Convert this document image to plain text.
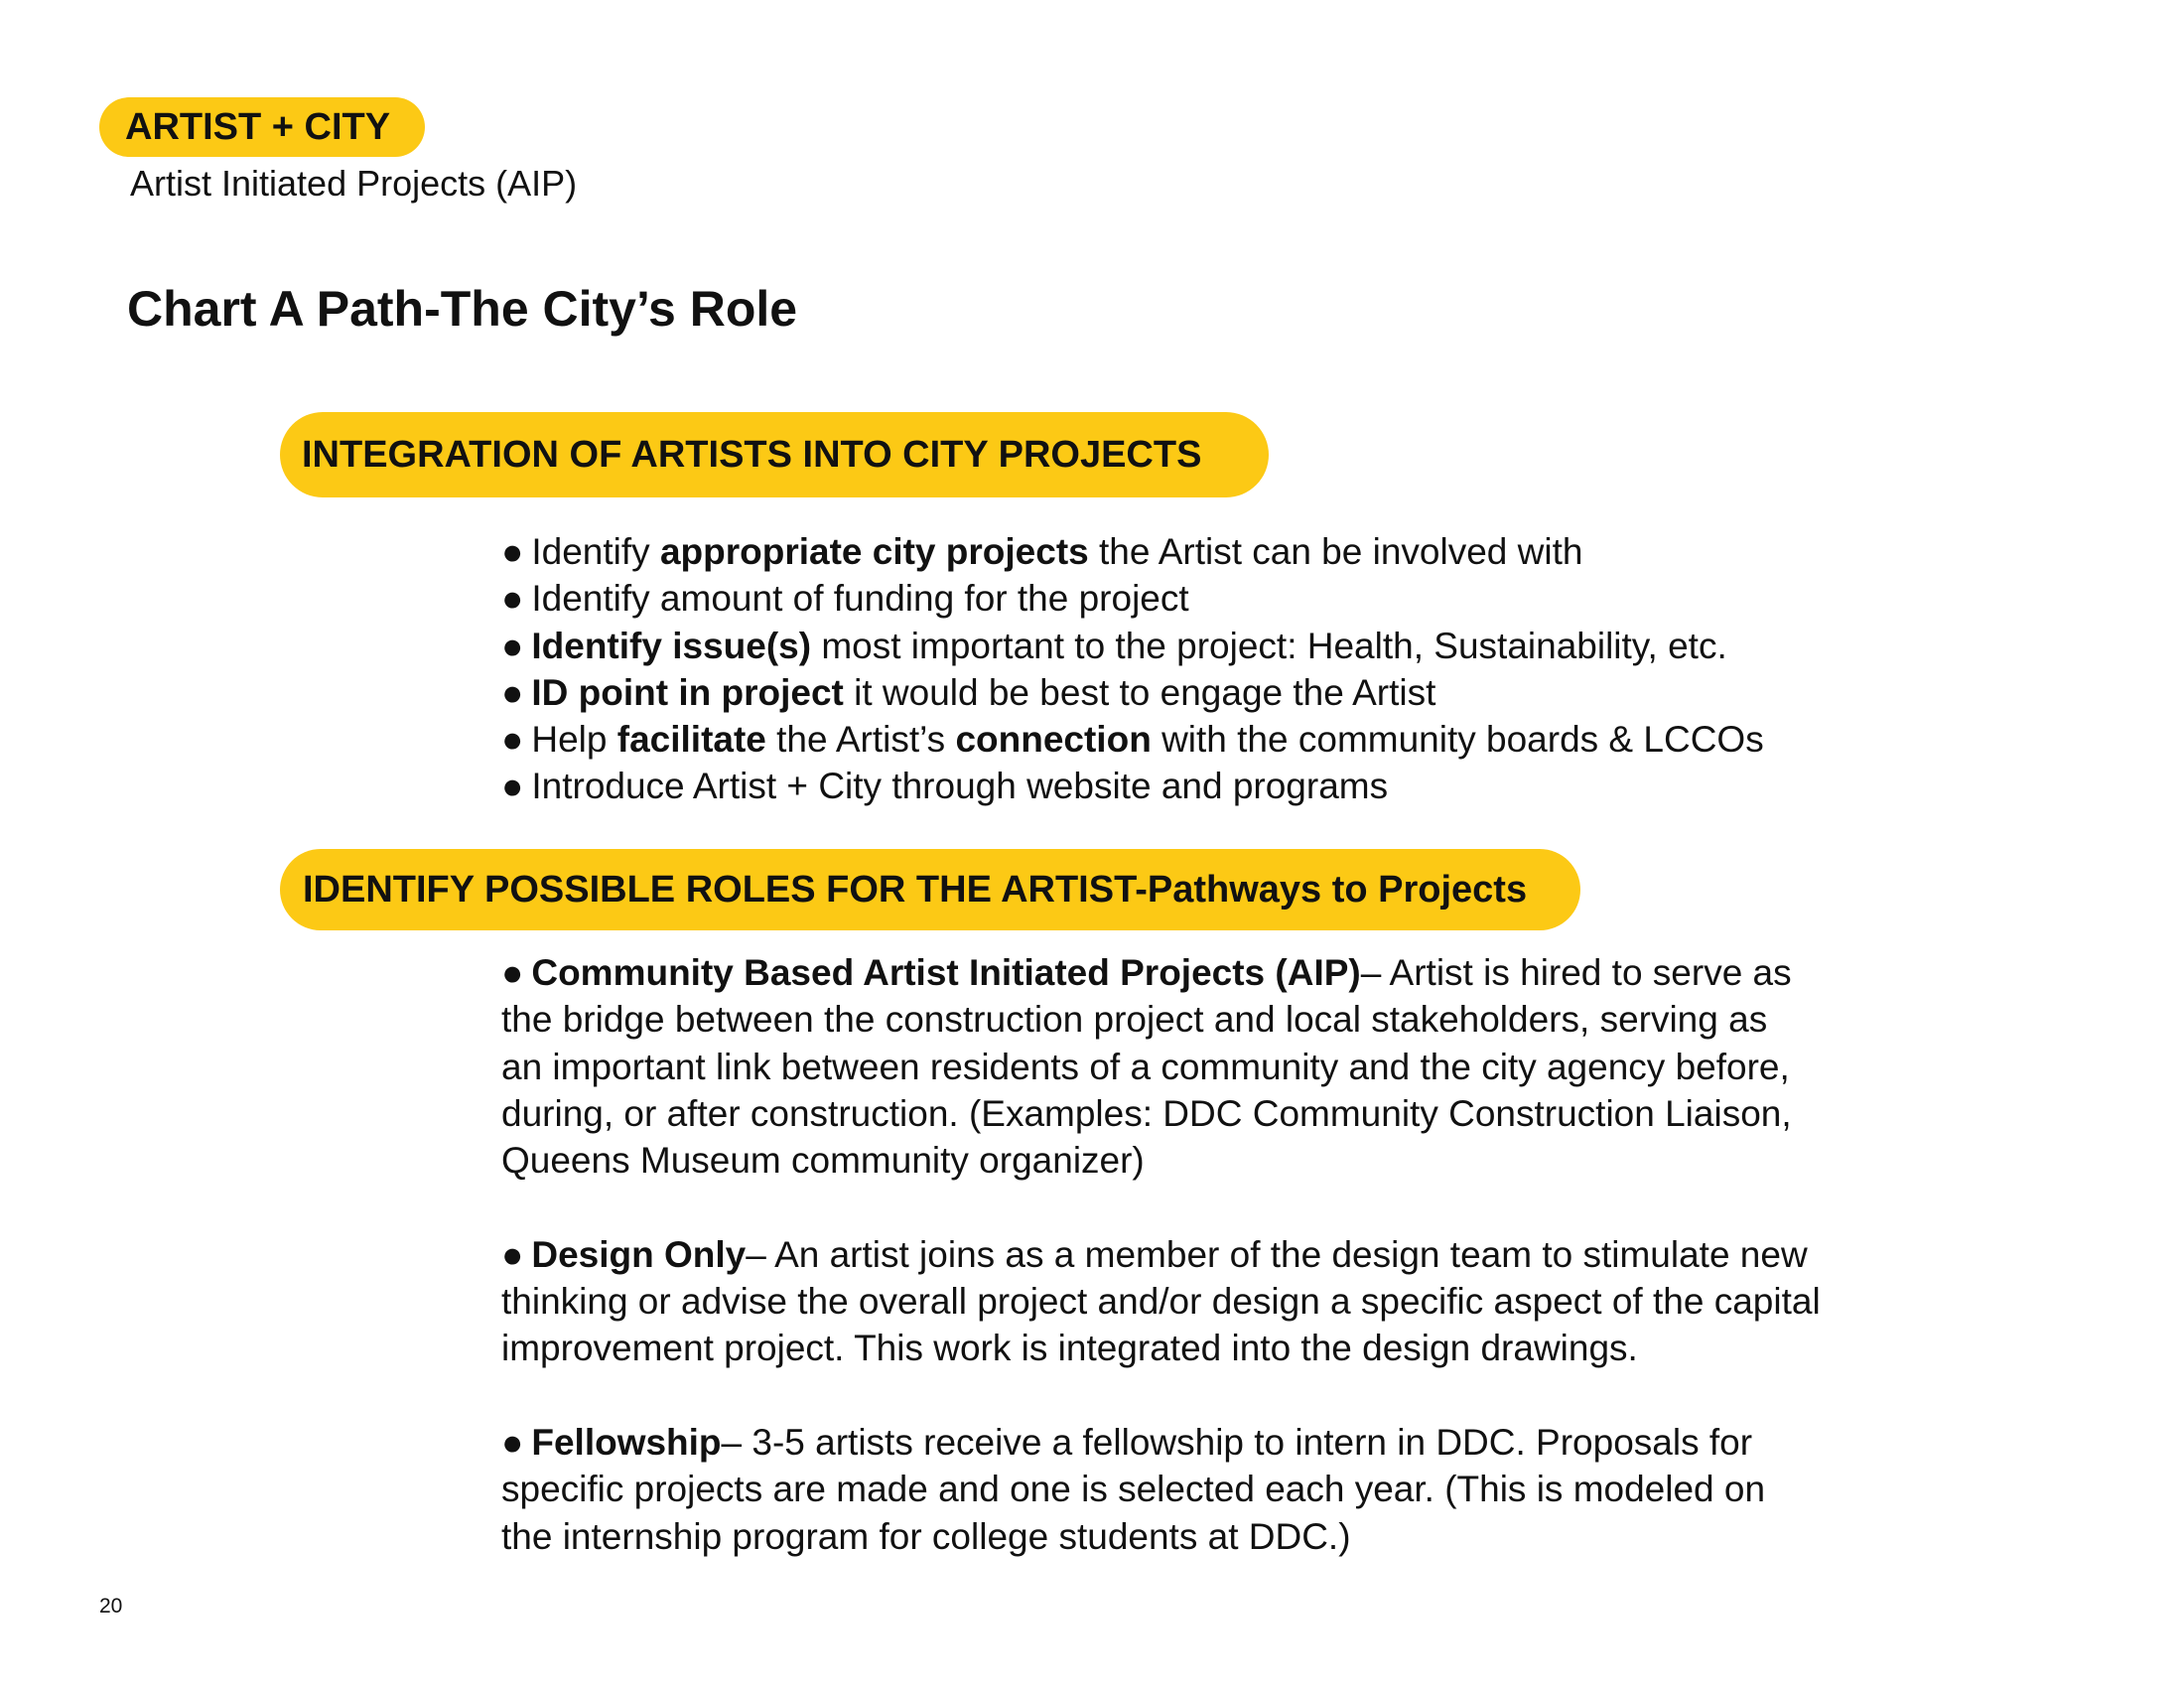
ARTIST + CITY
Artist Initiated Projects (AIP)
Chart A Path-The City’s Role
INTEGRATION OF ARTISTS INTO CITY PROJECTS
● Identify appropriate city projects the Artist can be involved with
● Identify amount of funding for the project
● Identify issue(s) most important to the project: Health, Sustainability, etc.
● ID point in project it would be best to engage the Artist
● Help facilitate the Artist’s connection with the community boards & LCCOs
● Introduce Artist + City through website and programs
IDENTIFY POSSIBLE ROLES FOR THE ARTIST-Pathways to Projects
● Community Based Artist Initiated Projects (AIP)– Artist is hired to serve as
the bridge between the construction project and local stakeholders, serving as
an important link between residents of a community and the city agency before,
during, or after construction. (Examples: DDC Community Construction Liaison,
Queens Museum community organizer)
● Design Only– An artist joins as a member of the design team to stimulate new
thinking or advise the overall project and/or design a specific aspect of the capital
improvement project. This work is integrated into the design drawings.
● Fellowship– 3-5 artists receive a fellowship to intern in DDC. Proposals for
specific projects are made and one is selected each year. (This is modeled on
the internship program for college students at DDC.)
20
